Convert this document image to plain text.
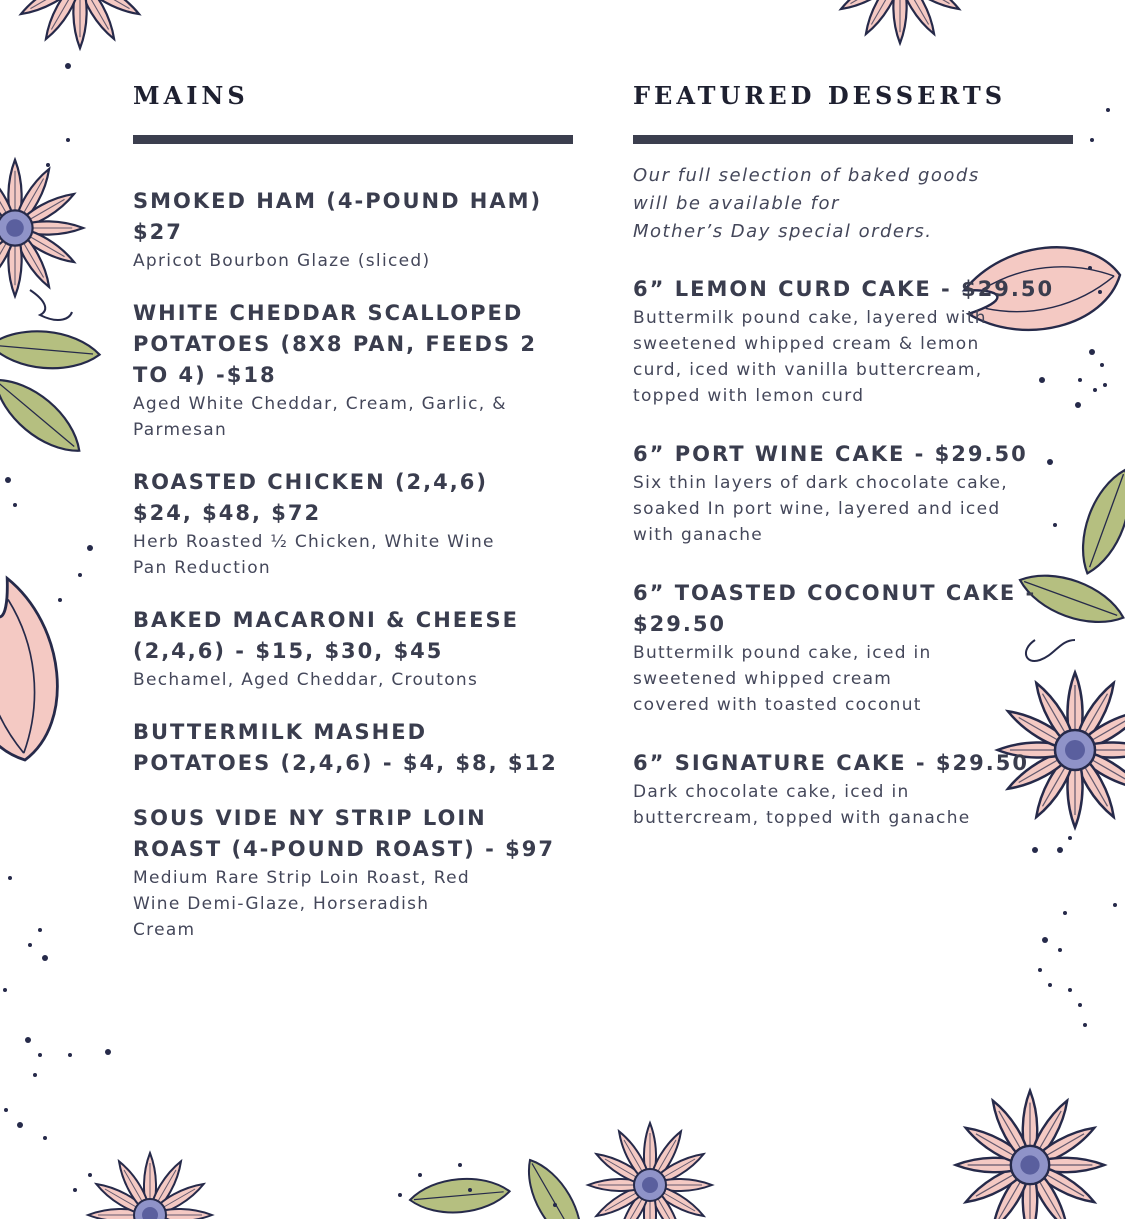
MAINS

SMOKED HAM (4-POUND HAM)
$27

Apricot Bourbon Glaze (sliced)

WHITE CHEDDAR SCALLOPED
POTATOES (8X8 PAN, FEEDS 2
TO 4) -$18

Aged White Cheddar, Cream, Garlic, &
Parmesan

ROASTED CHICKEN (2,4,6)
$24, $48, $72

Herb Roasted ½ Chicken, White Wine
Pan Reduction

BAKED MACARONI & CHEESE
(2,4,6) - $15, $30, $45

Bechamel, Aged Cheddar, Croutons

BUTTERMILK MASHED
POTATOES (2,4,6) - $4, $8, $12

SOUS VIDE NY STRIP LOIN
ROAST (4-POUND ROAST) - $97

Medium Rare Strip Loin Roast, Red
Wine Demi-Glaze, Horseradish
Cream

FEATURED DESSERTS

Our full selection of baked goods
will be available for
Mother’s Day special orders.

6” LEMON CURD CAKE - $29.50

Buttermilk pound cake, layered with
sweetened whipped cream & lemon
curd, iced with vanilla buttercream,
topped with lemon curd

6” PORT WINE CAKE - $29.50

Six thin layers of dark chocolate cake,
soaked In port wine, layered and iced
with ganache

6” TOASTED COCONUT CAKE -
$29.50

Buttermilk pound cake, iced in
sweetened whipped cream
covered with toasted coconut

6” SIGNATURE CAKE - $29.50

Dark chocolate cake, iced in
buttercream, topped with ganache
